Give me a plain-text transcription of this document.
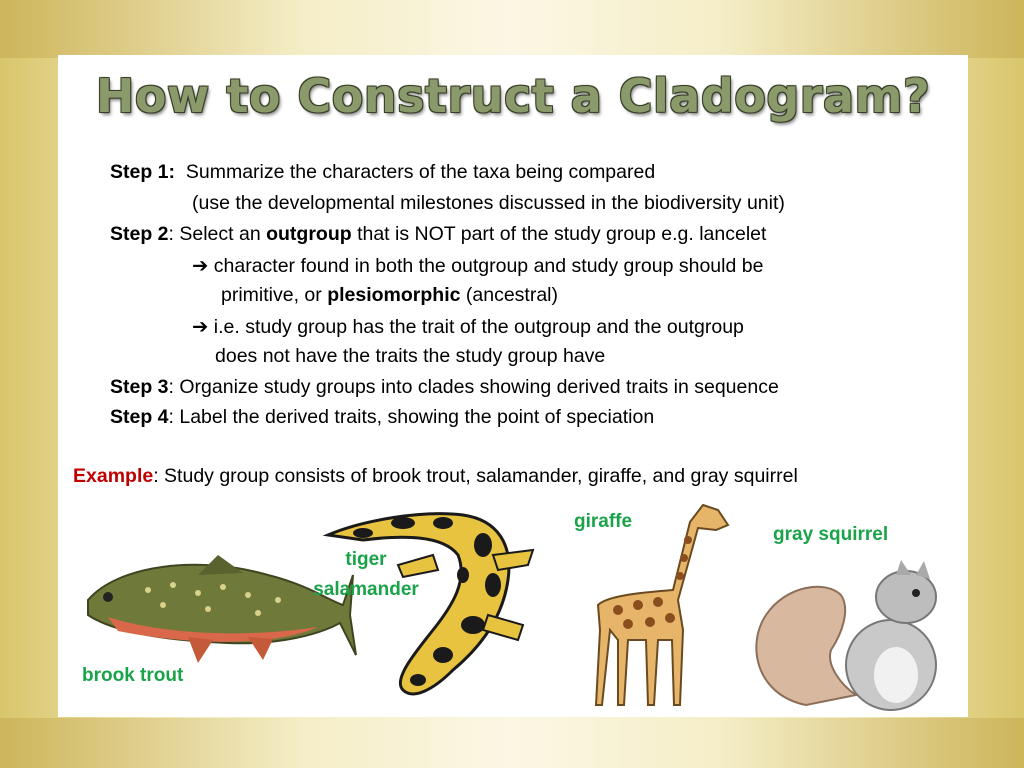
How to Construct a Cladogram?
Step 1: Summarize the characters of the taxa being compared
(use the developmental milestones discussed in the biodiversity unit)
Step 2: Select an outgroup that is NOT part of the study group e.g. lancelet
➔ character found in both the outgroup and study group should be
primitive, or plesiomorphic (ancestral)
➔ i.e. study group has the trait of the outgroup and the outgroup
does not have the traits the study group have
Step 3: Organize study groups into clades showing derived traits in sequence
Step 4: Label the derived traits, showing the point of speciation
Example: Study group consists of brook trout, salamander, giraffe, and gray squirrel
brook trout
tiger
salamander
giraffe
gray squirrel
